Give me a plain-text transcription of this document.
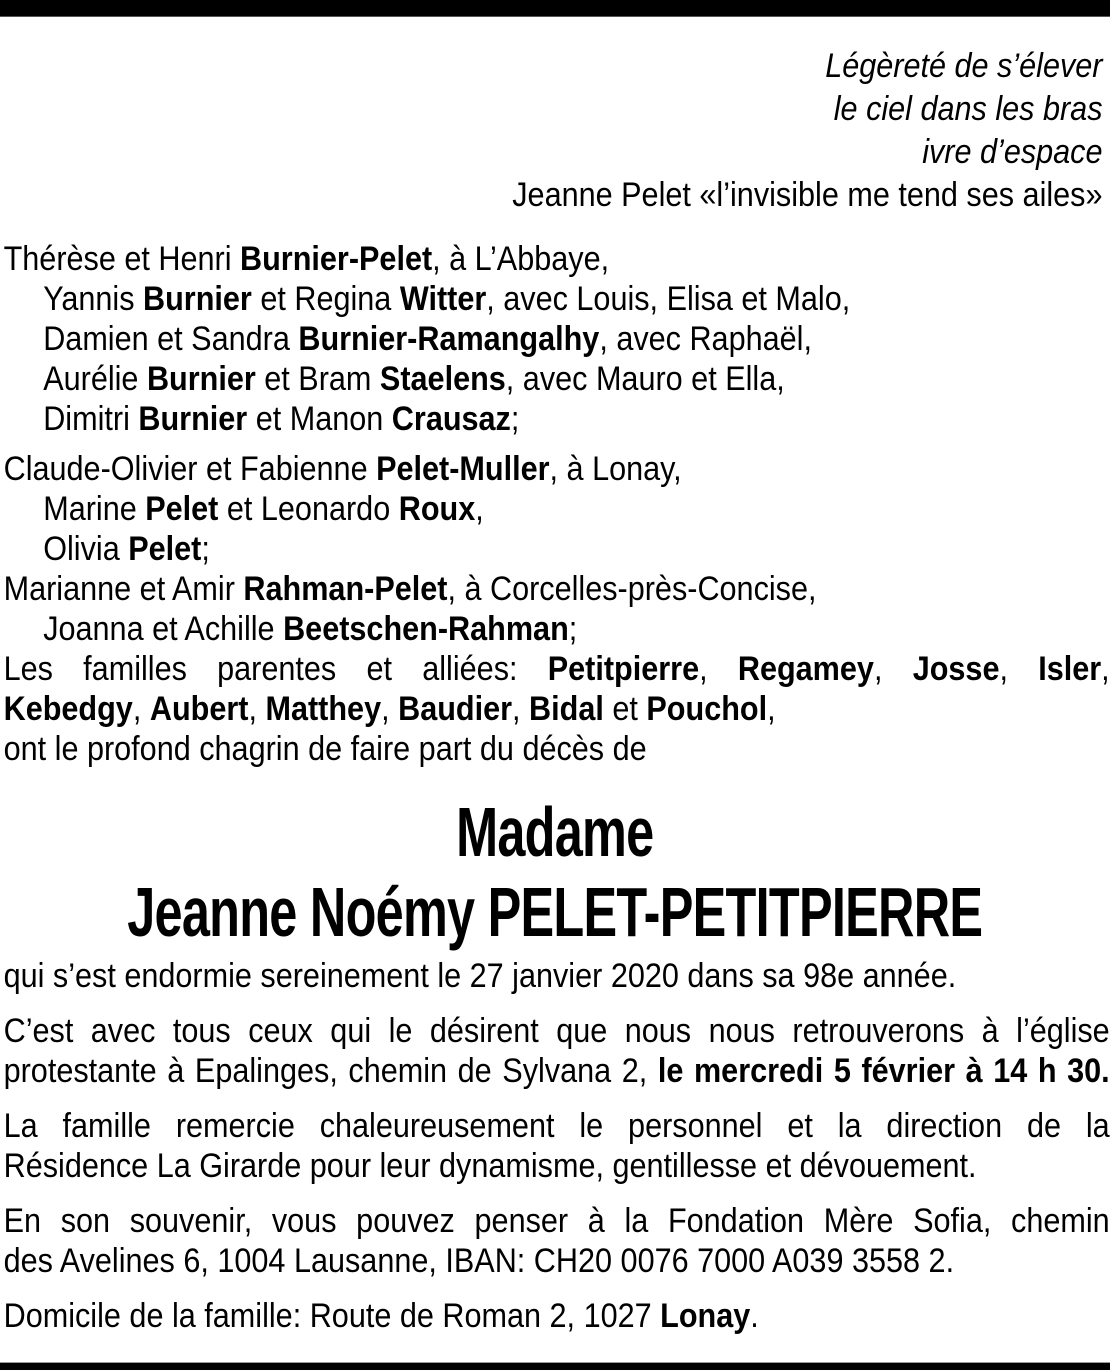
Légèreté de s’élever
le ciel dans les bras
ivre d’espace
Jeanne Pelet «l’invisible me tend ses ailes»
Thérèse et Henri Burnier-Pelet, à L’Abbaye,
Yannis Burnier et Regina Witter, avec Louis, Elisa et Malo,
Damien et Sandra Burnier-Ramangalhy, avec Raphaël,
Aurélie Burnier et Bram Staelens, avec Mauro et Ella,
Dimitri Burnier et Manon Crausaz;
Claude-Olivier et Fabienne Pelet-Muller, à Lonay,
Marine Pelet et Leonardo Roux,
Olivia Pelet;
Marianne et Amir Rahman-Pelet, à Corcelles-près-Concise,
Joanna et Achille Beetschen-Rahman;
Les familles parentes et alliées: Petitpierre, Regamey, Josse, Isler,
Kebedgy, Aubert, Matthey, Baudier, Bidal et Pouchol,
ont le profond chagrin de faire part du décès de
Madame
Jeanne Noémy PELET-PETITPIERRE
qui s’est endormie sereinement le 27 janvier 2020 dans sa 98e année.
C’est avec tous ceux qui le désirent que nous nous retrouverons à l’église
protestante à Epalinges, chemin de Sylvana 2, le mercredi 5 février à 14 h 30.
La famille remercie chaleureusement le personnel et la direction de la
Résidence La Girarde pour leur dynamisme, gentillesse et dévouement.
En son souvenir, vous pouvez penser à la Fondation Mère Sofia, chemin
des Avelines 6, 1004 Lausanne, IBAN: CH20 0076 7000 A039 3558 2.
Domicile de la famille: Route de Roman 2, 1027 Lonay.
